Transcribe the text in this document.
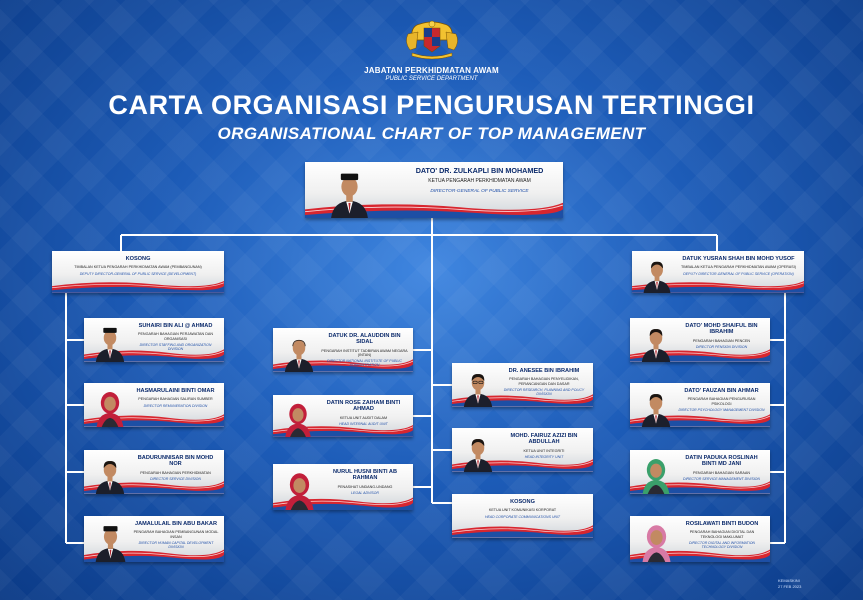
JABATAN PERKHIDMATAN AWAM
PUBLIC SERVICE DEPARTMENT
CARTA ORGANISASI PENGURUSAN TERTINGGI
ORGANISATIONAL CHART OF TOP MANAGEMENT
DATO' DR. ZULKAPLI BIN MOHAMED
KETUA PENGARAH PERKHIDMATAN AWAM
DIRECTOR-GENERAL OF PUBLIC SERVICE
KOSONG
TIMBALAN KETUA PENGARAH PERKHIDMATAN AWAM (PEMBANGUNAN)
DEPUTY DIRECTOR-GENERAL OF PUBLIC SERVICE (DEVELOPMENT)
DATUK YUSRAN SHAH BIN MOHD YUSOF
TIMBALAN KETUA PENGARAH PERKHIDMATAN AWAM (OPERASI)
DEPUTY DIRECTOR-GENERAL OF PUBLIC SERVICE (OPERATION)
SUHAIRI BIN ALI @ AHMAD
PENGARAH BAHAGIAN PERJAWATAN DAN ORGANISASI
DIRECTOR STAFFING AND ORGANIZATION DIVISION
HASMARULAINI BINTI OMAR
PENGARAH BAHAGIAN SALIRAN SUMBER
DIRECTOR REMUNERATION DIVISION
BADURUNNISAR BIN MOHD NOR
PENGARAH BAHAGIAN PERKHIDMATAN
DIRECTOR SERVICE DIVISION
JAMALULAIL BIN ABU BAKAR
PENGARAH BAHAGIAN PEMBANGUNAN MODAL INSAN
DIRECTOR HUMAN CAPITAL DEVELOPMENT DIVISION
DATUK DR. ALAUDDIN BIN SIDAL
PENGARAH INSTITUT TADBIRAN AWAM NEGARA (INTAN)
DIRECTOR NATIONAL INSTITUTE OF PUBLIC ADMINISTRATION
DATIN ROSE ZAIHAM BINTI AHMAD
KETUA UNIT AUDIT DALAM
HEAD INTERNAL AUDIT UNIT
NURUL HUSNI BINTI AB RAHMAN
PENASIHAT UNDANG-UNDANG
LEGAL ADVISOR
DR. ANESEE BIN IBRAHIM
PENGARAH BAHAGIAN PENYELIDIKAN, PERANCANGAN DAN DASAR
DIRECTOR RESEARCH, PLANNING AND POLICY DIVISION
MOHD. FAIRUZ AZIZI BIN ABDULLAH
KETUA UNIT INTEGRITI
HEAD INTEGRITY UNIT
KOSONG
KETUA UNIT KOMUNIKASI KORPORAT
HEAD CORPORATE COMMUNICATIONS UNIT
DATO' MOHD SHAIFUL BIN IBRAHIM
PENGARAH BAHAGIAN PENCEN
DIRECTOR PENSION DIVISION
DATO' FAUZAN BIN AHMAR
PENGARAH BAHAGIAN PENGURUSAN PSIKOLOGI
DIRECTOR PSYCHOLOGY MANAGEMENT DIVISION
DATIN PADUKA ROSLINAH BINTI MD JANI
PENGARAH BAHAGIAN SARAAN
DIRECTOR SERVICE MANAGEMENT DIVISION
ROSILAWATI BINTI BUDON
PENGARAH BAHAGIAN DIGITAL DAN TEKNOLOGI MAKLUMAT
DIRECTOR DIGITAL AND INFORMATION TECHNOLOGY DIVISION
KEMASKINI
27 FEB 2023
